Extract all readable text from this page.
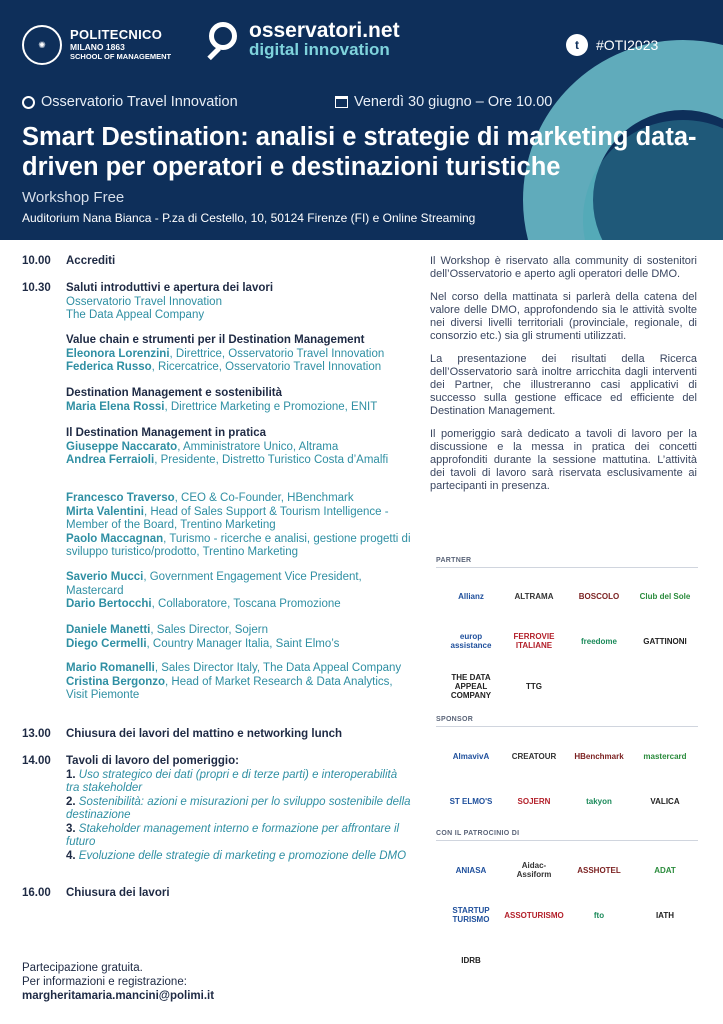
✺
POLITECNICO
MILANO 1863
SCHOOL OF MANAGEMENT
osservatori.net
digital innovation	t	#OTI2023
Osservatorio Travel Innovation	Venerdì 30 giugno – Ore 10.00
Smart Destination: analisi e strategie di marketing data-driven per operatori e destinazioni turistiche
Workshop Free
Auditorium Nana Bianca - P.za di Cestello, 10, 50124 Firenze (FI) e Online Streaming
10.00 Accrediti
10.30 Saluti introduttivi e apertura dei lavori
Osservatorio Travel Innovation
The Data Appeal Company
Value chain e strumenti per il Destination Management
Eleonora Lorenzini, Direttrice, Osservatorio Travel Innovation
Federica Russo, Ricercatrice, Osservatorio Travel Innovation
Destination Management e sostenibilità
Maria Elena Rossi, Direttrice Marketing e Promozione, ENIT
Il Destination Management in pratica
Giuseppe Naccarato, Amministratore Unico, Altrama
Andrea Ferraioli, Presidente, Distretto Turistico Costa d’Amalfi
Francesco Traverso, CEO & Co-Founder, HBenchmark
Mirta Valentini, Head of Sales Support & Tourism Intelligence - Member of the Board, Trentino Marketing
Paolo Maccagnan, Turismo - ricerche e analisi, gestione progetti di sviluppo turistico/prodotto, Trentino Marketing
Saverio Mucci, Government Engagement Vice President, Mastercard
Dario Bertocchi, Collaboratore, Toscana Promozione
Daniele Manetti, Sales Director, Sojern
Diego Cermelli, Country Manager Italia, Saint Elmo’s
Mario Romanelli, Sales Director Italy, The Data Appeal Company
Cristina Bergonzo, Head of Market Research & Data Analytics, Visit Piemonte
13.00 Chiusura dei lavori del mattino e networking lunch
14.00 Tavoli di lavoro del pomeriggio:
1. Uso strategico dei dati (propri e di terze parti) e interoperabilità tra stakeholder
2. Sostenibilità: azioni e misurazioni per lo sviluppo sostenibile della destinazione
3. Stakeholder management interno e formazione per affrontare il futuro
4. Evoluzione delle strategie di marketing e promozione delle DMO
16.00 Chiusura dei lavori
Partecipazione gratuita.
Per informazioni e registrazione:
margheritamaria.mancini@polimi.it

Il Workshop è riservato alla community di sostenitori dell’Osservatorio e aperto agli operatori delle DMO.

Nel corso della mattinata si parlerà della catena del valore delle DMO, approfondendo sia le attività svolte nei diversi livelli territoriali (provinciale, regionale, di consorzio etc.) sia gli strumenti utilizzati.

La presentazione dei risultati della Ricerca dell’Osservatorio sarà inoltre arricchita dagli interventi dei Partner, che illustreranno casi applicativi di successo sulla gestione efficace ed efficiente del Destination Management.

Il pomeriggio sarà dedicato a tavoli di lavoro per la discussione e la messa in pratica dei concetti approfonditi durante la sessione mattutina. L’attività dei tavoli di lavoro sarà riservata esclusivamente ai partecipanti in presenza.

PARTNER
Allianz	ALTRAMA	BOSCOLO	Club del Sole
europ assistance
FERROVIE ITALIANE	freedome	GATTINONI
THE DATA APPEAL COMPANY
TTG
SPONSOR
AlmavivA	CREATOUR	HBenchmark	mastercard
ST ELMO'S	SOJERN	takyon	VALICA
CON IL PATROCINIO DI
ANIASA	Aidac-Assiform	ASSHOTEL	ADAT
STARTUP TURISMO	ASSOTURISMO	fto	IATH
IDRB
